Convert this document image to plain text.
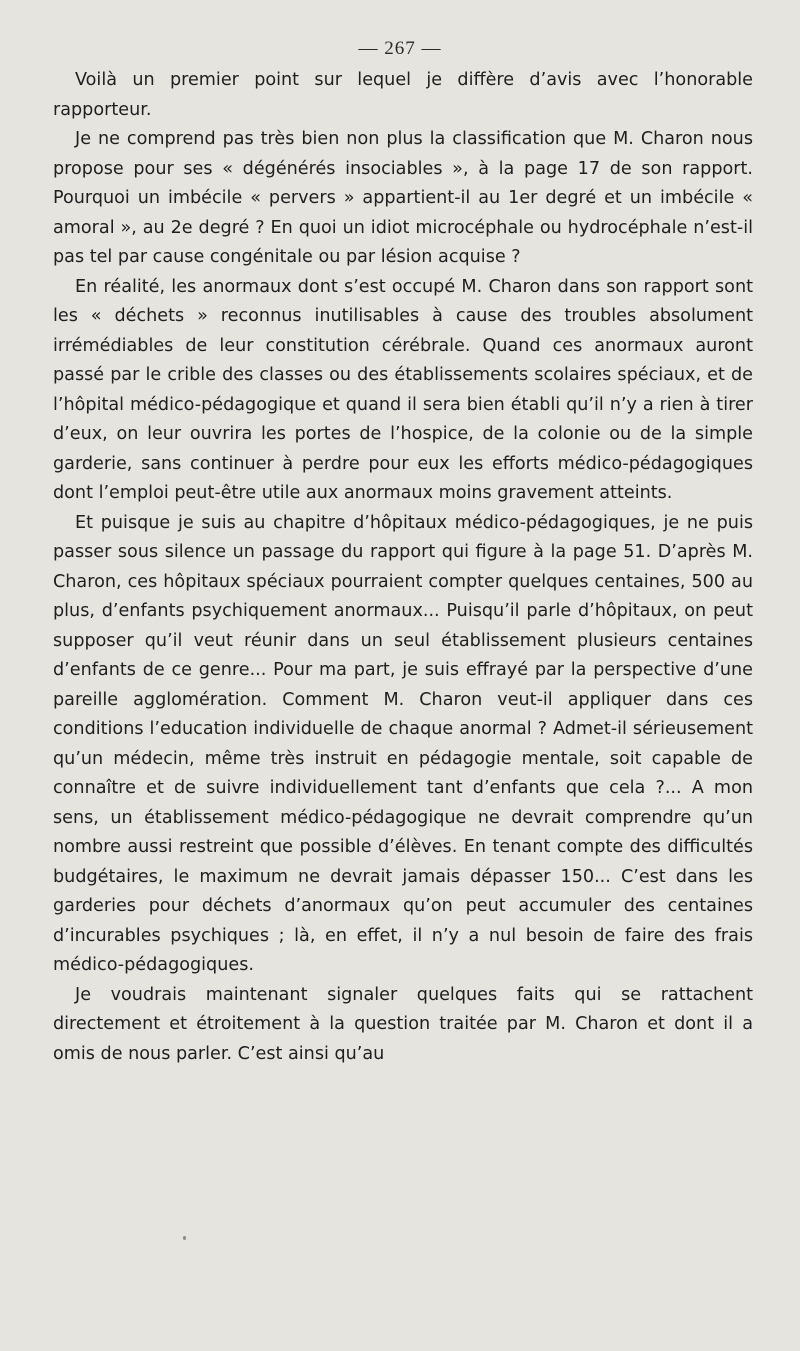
— 267 —

Voilà un premier point sur lequel je diffère d’avis avec l’honorable rapporteur.

Je ne comprend pas très bien non plus la classification que M. Charon nous propose pour ses « dégénérés insociables », à la page 17 de son rapport. Pourquoi un imbécile « pervers » appartient-il au 1er degré et un imbécile « amoral », au 2e degré ? En quoi un idiot microcéphale ou hydrocéphale n’est-il pas tel par cause congénitale ou par lésion acquise ?

En réalité, les anormaux dont s’est occupé M. Charon dans son rapport sont les « déchets » reconnus inutilisables à cause des troubles absolument irrémédiables de leur constitution cérébrale. Quand ces anormaux auront passé par le crible des classes ou des établissements scolaires spéciaux, et de l’hôpital médico-pédagogique et quand il sera bien établi qu’il n’y a rien à tirer d’eux, on leur ouvrira les portes de l’hospice, de la colonie ou de la simple garderie, sans continuer à perdre pour eux les efforts médico-pédagogiques dont l’emploi peut-être utile aux anormaux moins gravement atteints.

Et puisque je suis au chapitre d’hôpitaux médico-pédagogiques, je ne puis passer sous silence un passage du rapport qui figure à la page 51. D’après M. Charon, ces hôpitaux spéciaux pourraient compter quelques centaines, 500 au plus, d’enfants psychiquement anormaux... Puisqu’il parle d’hôpitaux, on peut supposer qu’il veut réunir dans un seul établissement plusieurs centaines d’enfants de ce genre... Pour ma part, je suis effrayé par la perspective d’une pareille agglomération. Comment M. Charon veut-il appliquer dans ces conditions l’education individuelle de chaque anormal ? Admet-il sérieusement qu’un médecin, même très instruit en pédagogie mentale, soit capable de connaître et de suivre individuellement tant d’enfants que cela ?... A mon sens, un établissement médico-pédagogique ne devrait comprendre qu’un nombre aussi restreint que possible d’élèves. En tenant compte des difficultés budgétaires, le maximum ne devrait jamais dépasser 150... C’est dans les garderies pour déchets d’anormaux qu’on peut accumuler des centaines d’incurables psychiques ; là, en effet, il n’y a nul besoin de faire des frais médico-pédagogiques.

Je voudrais maintenant signaler quelques faits qui se rattachent directement et étroitement à la question traitée par M. Charon et dont il a omis de nous parler. C’est ainsi qu’au
